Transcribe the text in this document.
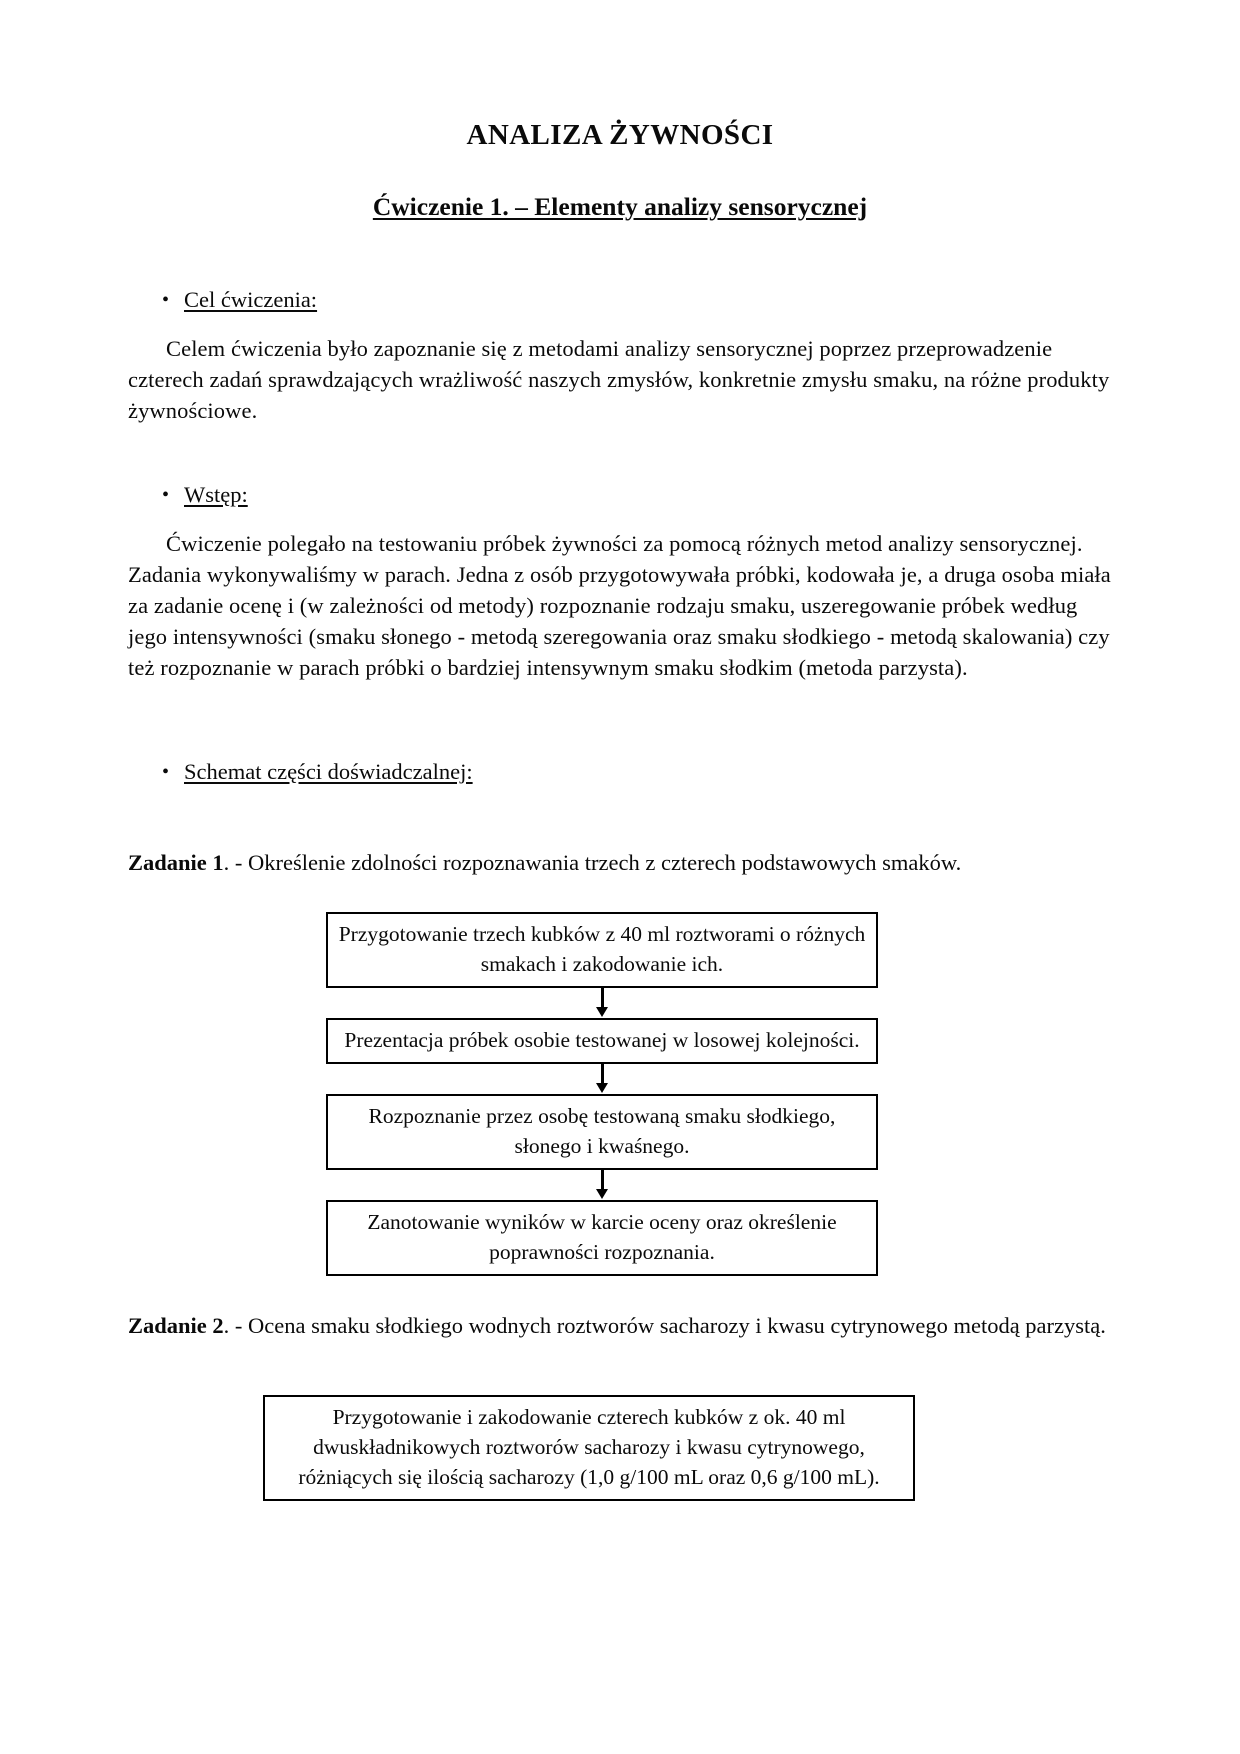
ANALIZA ŻYWNOŚCI
Ćwiczenie 1. – Elementy analizy sensorycznej
• Cel ćwiczenia:

Celem ćwiczenia było zapoznanie się z metodami analizy sensorycznej poprzez przeprowadzenie czterech zadań sprawdzających wrażliwość naszych zmysłów, konkretnie zmysłu smaku, na różne produkty żywnościowe.

• Wstęp:

Ćwiczenie polegało na testowaniu próbek żywności za pomocą różnych metod analizy sensorycznej. Zadania wykonywaliśmy w parach. Jedna z osób przygotowywała próbki, kodowała je, a druga osoba miała za zadanie ocenę i (w zależności od metody) rozpoznanie rodzaju smaku, uszeregowanie próbek według jego intensywności (smaku słonego - metodą szeregowania oraz smaku słodkiego - metodą skalowania) czy też rozpoznanie w parach próbki o bardziej intensywnym smaku słodkim (metoda parzysta).

• Schemat części doświadczalnej:

Zadanie 1. - Określenie zdolności rozpoznawania trzech z czterech podstawowych smaków.

Przygotowanie trzech kubków z 40 ml roztworami o różnych smakach i zakodowanie ich.
Prezentacja próbek osobie testowanej w losowej kolejności.
Rozpoznanie przez osobę testowaną smaku słodkiego, słonego i kwaśnego.
Zanotowanie wyników w karcie oceny oraz określenie poprawności rozpoznania.

Zadanie 2. - Ocena smaku słodkiego wodnych roztworów sacharozy i kwasu cytrynowego metodą parzystą.

Przygotowanie i zakodowanie czterech kubków z ok. 40 ml dwuskładnikowych roztworów sacharozy i kwasu cytrynowego, różniących się ilością sacharozy (1,0 g/100 mL oraz 0,6 g/100 mL).
